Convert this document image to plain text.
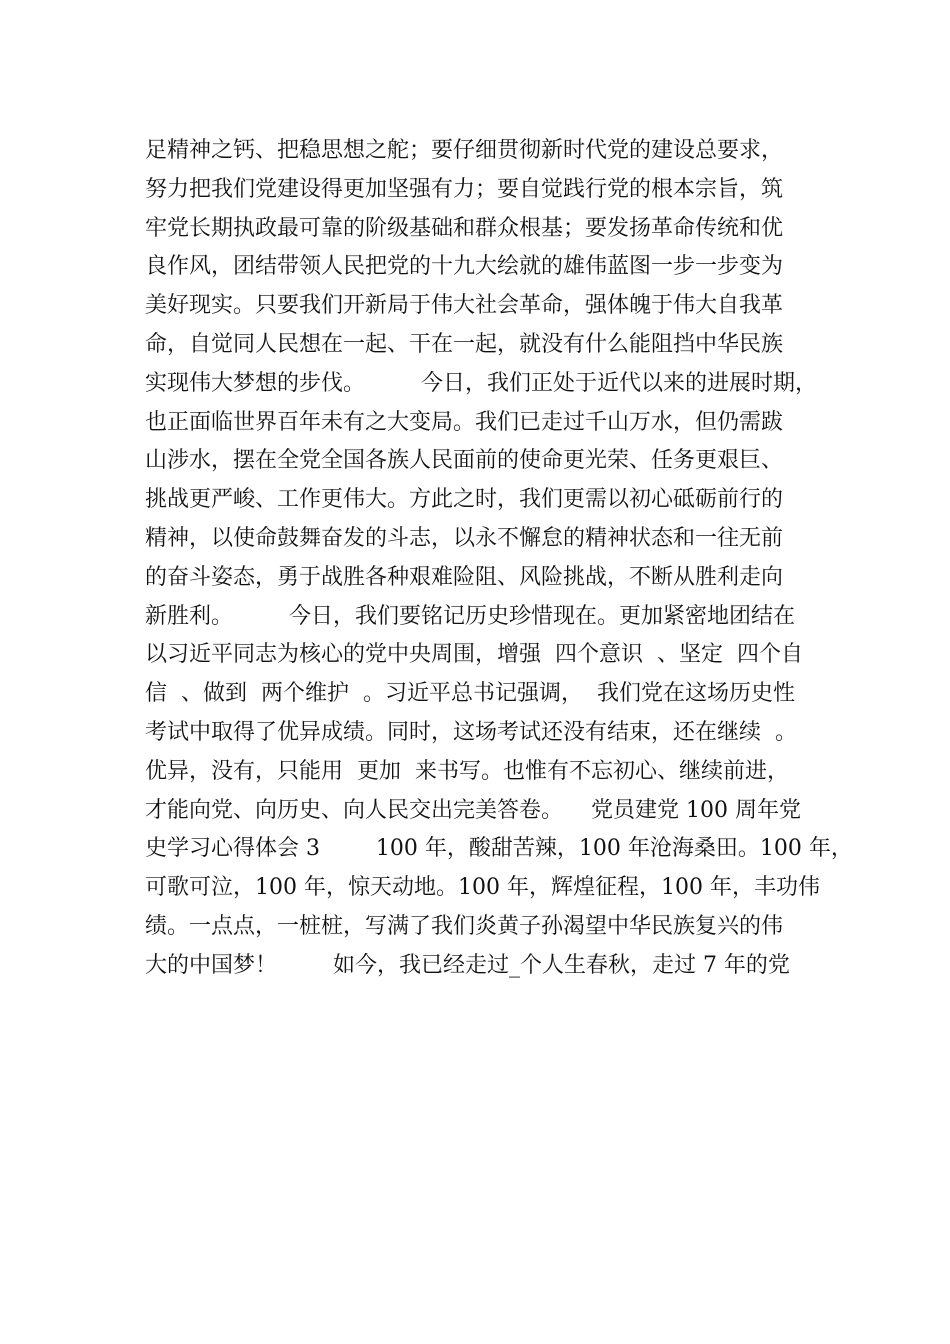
足精神之钙、把稳思想之舵；要仔细贯彻新时代党的建设总要求，
努力把我们党建设得更加坚强有力；要自觉践行党的根本宗旨，筑
牢党长期执政最可靠的阶级基础和群众根基；要发扬革命传统和优
良作风，团结带领人民把党的十九大绘就的雄伟蓝图一步一步变为
美好现实。只要我们开新局于伟大社会革命，强体魄于伟大自我革
命，自觉同人民想在一起、干在一起，就没有什么能阻挡中华民族
实现伟大梦想的步伐。        今日，我们正处于近代以来的进展时期，
也正面临世界百年未有之大变局。我们已走过千山万水，但仍需跋
山涉水，摆在全党全国各族人民面前的使命更光荣、任务更艰巨、
挑战更严峻、工作更伟大。方此之时，我们更需以初心砥砺前行的
精神，以使命鼓舞奋发的斗志，以永不懈怠的精神状态和一往无前
的奋斗姿态，勇于战胜各种艰难险阻、风险挑战，不断从胜利走向
新胜利。        今日，我们要铭记历史珍惜现在。更加紧密地团结在
以习近平同志为核心的党中央周围，增强  四个意识  、坚定  四个自
信  、做到  两个维护  。习近平总书记强调，  我们党在这场历史性
考试中取得了优异成绩。同时，这场考试还没有结束，还在继续  。
优异，没有，只能用  更加  来书写。也惟有不忘初心、继续前进，
才能向党、向历史、向人民交出完美答卷。    党员建党 100 周年党
史学习心得体会 3        100 年，酸甜苦辣，100 年沧海桑田。100 年，
可歌可泣，100 年，惊天动地。100 年，辉煌征程，100 年，丰功伟
绩。一点点，一桩桩，写满了我们炎黄子孙渴望中华民族复兴的伟
大的中国梦！        如今，我已经走过_个人生春秋，走过 7 年的党
